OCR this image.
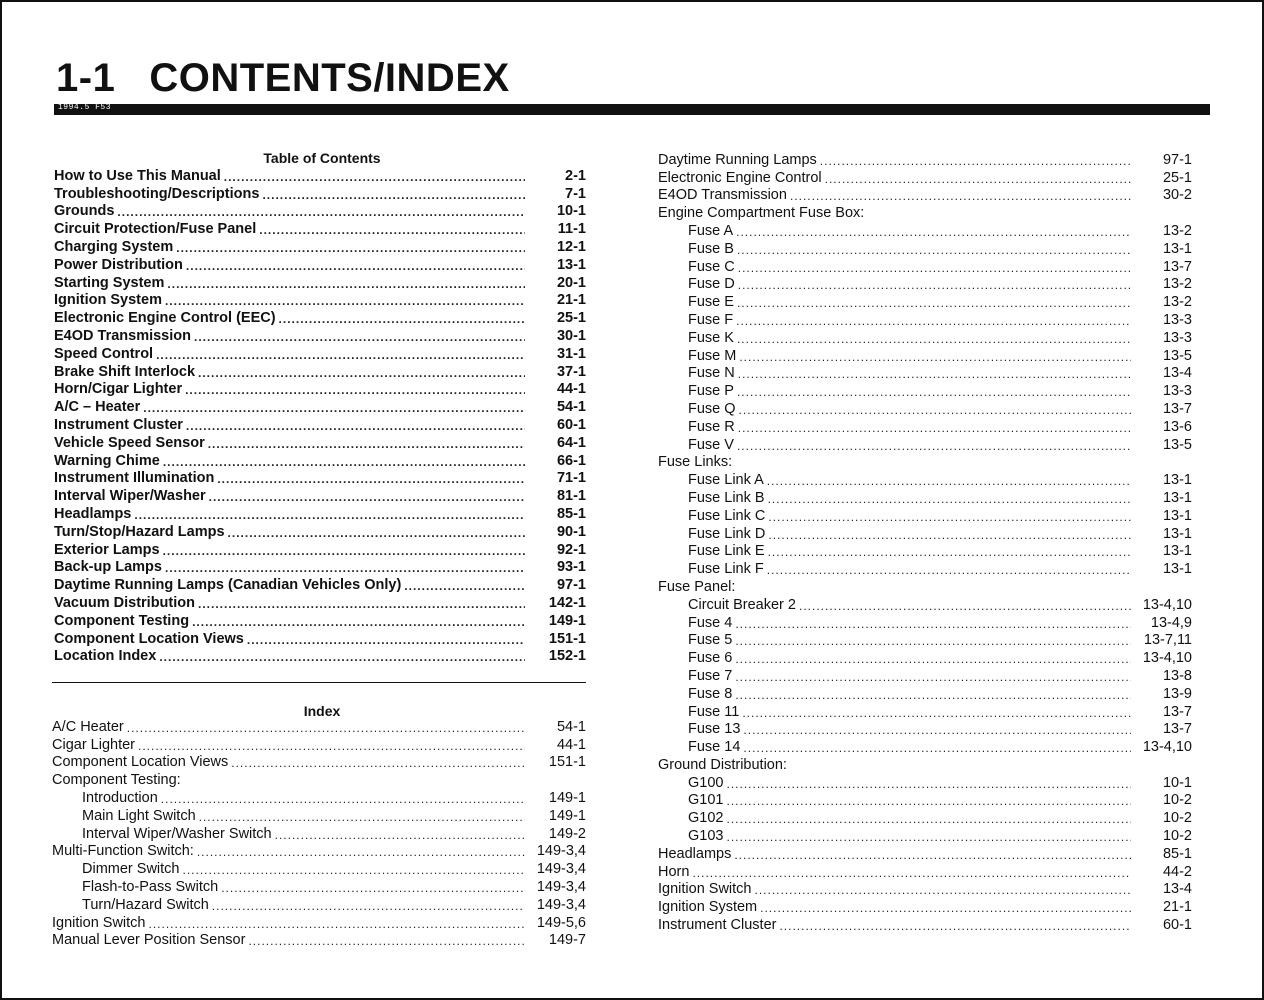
1-1 CONTENTS/INDEX
1994.5 F53
Table of Contents
How to Use This Manual .....	2-1
Troubleshooting/Descriptions .....	7-1
Grounds .....	10-1
Circuit Protection/Fuse Panel .....	11-1
Charging System .....	12-1
Power Distribution .....	13-1
Starting System .....	20-1
Ignition System .....	21-1
Electronic Engine Control (EEC) .....	25-1
E4OD Transmission .....	30-1
Speed Control .....	31-1
Brake Shift Interlock .....	37-1
Horn/Cigar Lighter .....	44-1
A/C – Heater .....	54-1
Instrument Cluster .....	60-1
Vehicle Speed Sensor .....	64-1
Warning Chime .....	66-1
Instrument Illumination .....	71-1
Interval Wiper/Washer .....	81-1
Headlamps .....	85-1
Turn/Stop/Hazard Lamps .....	90-1
Exterior Lamps .....	92-1
Back-up Lamps .....	93-1
Daytime Running Lamps (Canadian Vehicles Only) .....	97-1
Vacuum Distribution .....	142-1
Component Testing .....	149-1
Component Location Views .....	151-1
Location Index .....	152-1
Index
A/C Heater .....	54-1
Cigar Lighter .....	44-1
Component Location Views .....	151-1
Component Testing:
Introduction .....	149-1
Main Light Switch .....	149-1
Interval Wiper/Washer Switch .....	149-2
Multi-Function Switch: .....	149-3,4
Dimmer Switch .....	149-3,4
Flash-to-Pass Switch .....	149-3,4
Turn/Hazard Switch .....	149-3,4
Ignition Switch .....	149-5,6
Manual Lever Position Sensor .....	149-7
Daytime Running Lamps .....	97-1
Electronic Engine Control .....	25-1
E4OD Transmission .....	30-2
Engine Compartment Fuse Box:
Fuse A .....	13-2
Fuse B .....	13-1
Fuse C .....	13-7
Fuse D .....	13-2
Fuse E .....	13-2
Fuse F .....	13-3
Fuse K .....	13-3
Fuse M .....	13-5
Fuse N .....	13-4
Fuse P .....	13-3
Fuse Q .....	13-7
Fuse R .....	13-6
Fuse V .....	13-5
Fuse Links:
Fuse Link A .....	13-1
Fuse Link B .....	13-1
Fuse Link C .....	13-1
Fuse Link D .....	13-1
Fuse Link E .....	13-1
Fuse Link F .....	13-1
Fuse Panel:
Circuit Breaker 2 .....	13-4,10
Fuse 4 .....	13-4,9
Fuse 5 .....	13-7,11
Fuse 6 .....	13-4,10
Fuse 7 .....	13-8
Fuse 8 .....	13-9
Fuse 11 .....	13-7
Fuse 13 .....	13-7
Fuse 14 .....	13-4,10
Ground Distribution:
G100 .....	10-1
G101 .....	10-2
G102 .....	10-2
G103 .....	10-2
Headlamps .....	85-1
Horn .....	44-2
Ignition Switch .....	13-4
Ignition System .....	21-1
Instrument Cluster .....	60-1
